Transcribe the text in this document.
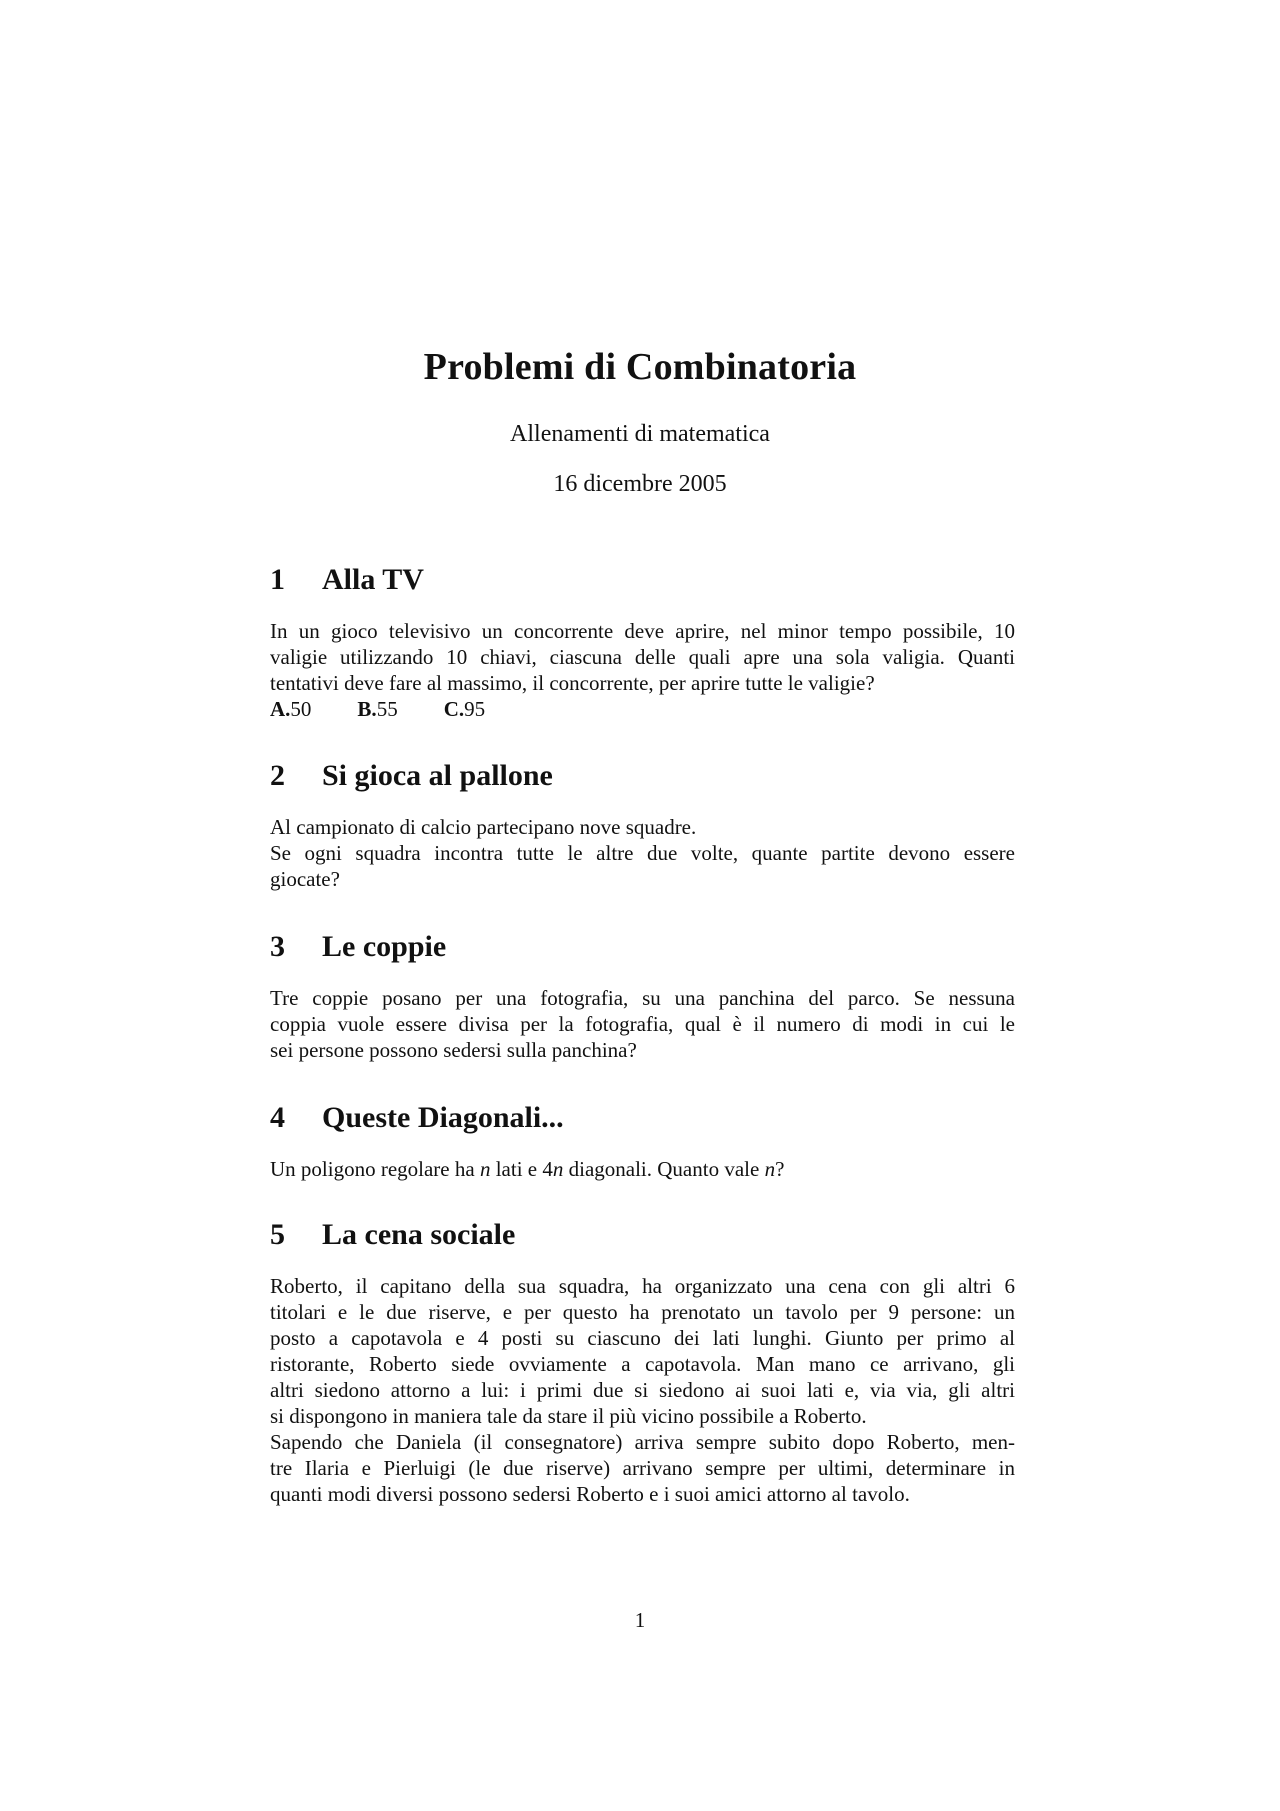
Problemi di Combinatoria

Allenamenti di matematica

16 dicembre 2005

1 Alla TV
In un gioco televisivo un concorrente deve aprire, nel minor tempo possibile, 10
valigie utilizzando 10 chiavi, ciascuna delle quali apre una sola valigia. Quanti
tentativi deve fare al massimo, il concorrente, per aprire tutte le valigie?
A.50 B.55 C.95
2 Si gioca al pallone
Al campionato di calcio partecipano nove squadre.
Se ogni squadra incontra tutte le altre due volte, quante partite devono essere
giocate?
3 Le coppie
Tre coppie posano per una fotografia, su una panchina del parco. Se nessuna
coppia vuole essere divisa per la fotografia, qual è il numero di modi in cui le
sei persone possono sedersi sulla panchina?
4 Queste Diagonali...
Un poligono regolare ha n lati e 4n diagonali. Quanto vale n?
5 La cena sociale
Roberto, il capitano della sua squadra, ha organizzato una cena con gli altri 6
titolari e le due riserve, e per questo ha prenotato un tavolo per 9 persone: un
posto a capotavola e 4 posti su ciascuno dei lati lunghi. Giunto per primo al
ristorante, Roberto siede ovviamente a capotavola. Man mano ce arrivano, gli
altri siedono attorno a lui: i primi due si siedono ai suoi lati e, via via, gli altri
si dispongono in maniera tale da stare il più vicino possibile a Roberto.
Sapendo che Daniela (il consegnatore) arriva sempre subito dopo Roberto, men-
tre Ilaria e Pierluigi (le due riserve) arrivano sempre per ultimi, determinare in
quanti modi diversi possono sedersi Roberto e i suoi amici attorno al tavolo.
1
